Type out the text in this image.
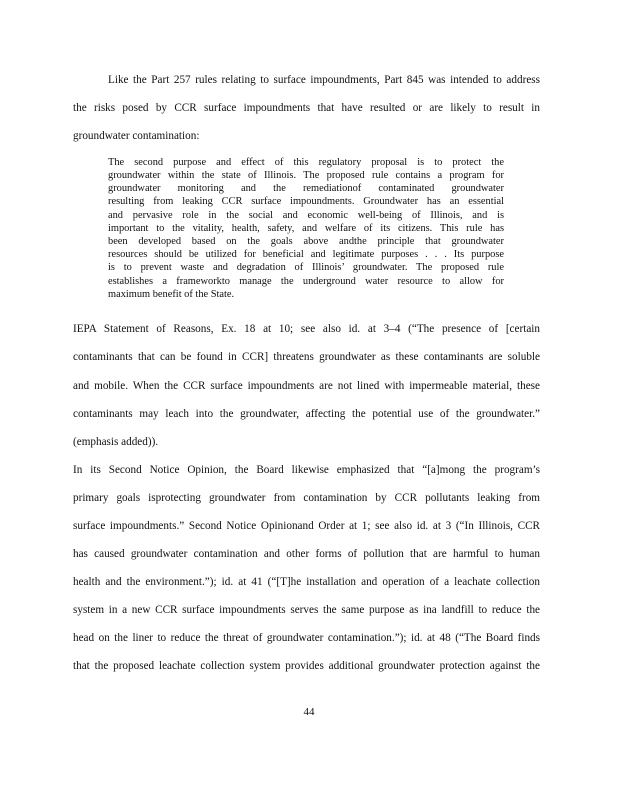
Like the Part 257 rules relating to surface impoundments, Part 845 was intended to address
the risks posed by CCR surface impoundments that have resulted or are likely to result in
groundwater contamination:
The second purpose and effect of this regulatory proposal is to protect the
groundwater within the state of Illinois. The proposed rule contains a program for
groundwater monitoring and the remediationof contaminated groundwater
resulting from leaking CCR surface impoundments. Groundwater has an essential
and pervasive role in the social and economic well-being of Illinois, and is
important to the vitality, health, safety, and welfare of its citizens. This rule has
been developed based on the goals above andthe principle that groundwater
resources should be utilized for beneficial and legitimate purposes . . . Its purpose
is to prevent waste and degradation of Illinois’ groundwater. The proposed rule
establishes a frameworkto manage the underground water resource to allow for
maximum benefit of the State.
IEPA Statement of Reasons, Ex. 18 at 10; see also id. at 3–4 (“The presence of [certain
contaminants that can be found in CCR] threatens groundwater as these contaminants are soluble
and mobile. When the CCR surface impoundments are not lined with impermeable material, these
contaminants may leach into the groundwater, affecting the potential use of the groundwater.”
(emphasis added)).
In its Second Notice Opinion, the Board likewise emphasized that “[a]mong the program’s
primary goals isprotecting groundwater from contamination by CCR pollutants leaking from
surface impoundments.” Second Notice Opinionand Order at 1; see also id. at 3 (“In Illinois, CCR
has caused groundwater contamination and other forms of pollution that are harmful to human
health and the environment.”); id. at 41 (“[T]he installation and operation of a leachate collection
system in a new CCR surface impoundments serves the same purpose as ina landfill to reduce the
head on the liner to reduce the threat of groundwater contamination.”); id. at 48 (“The Board finds
that the proposed leachate collection system provides additional groundwater protection against the
44
